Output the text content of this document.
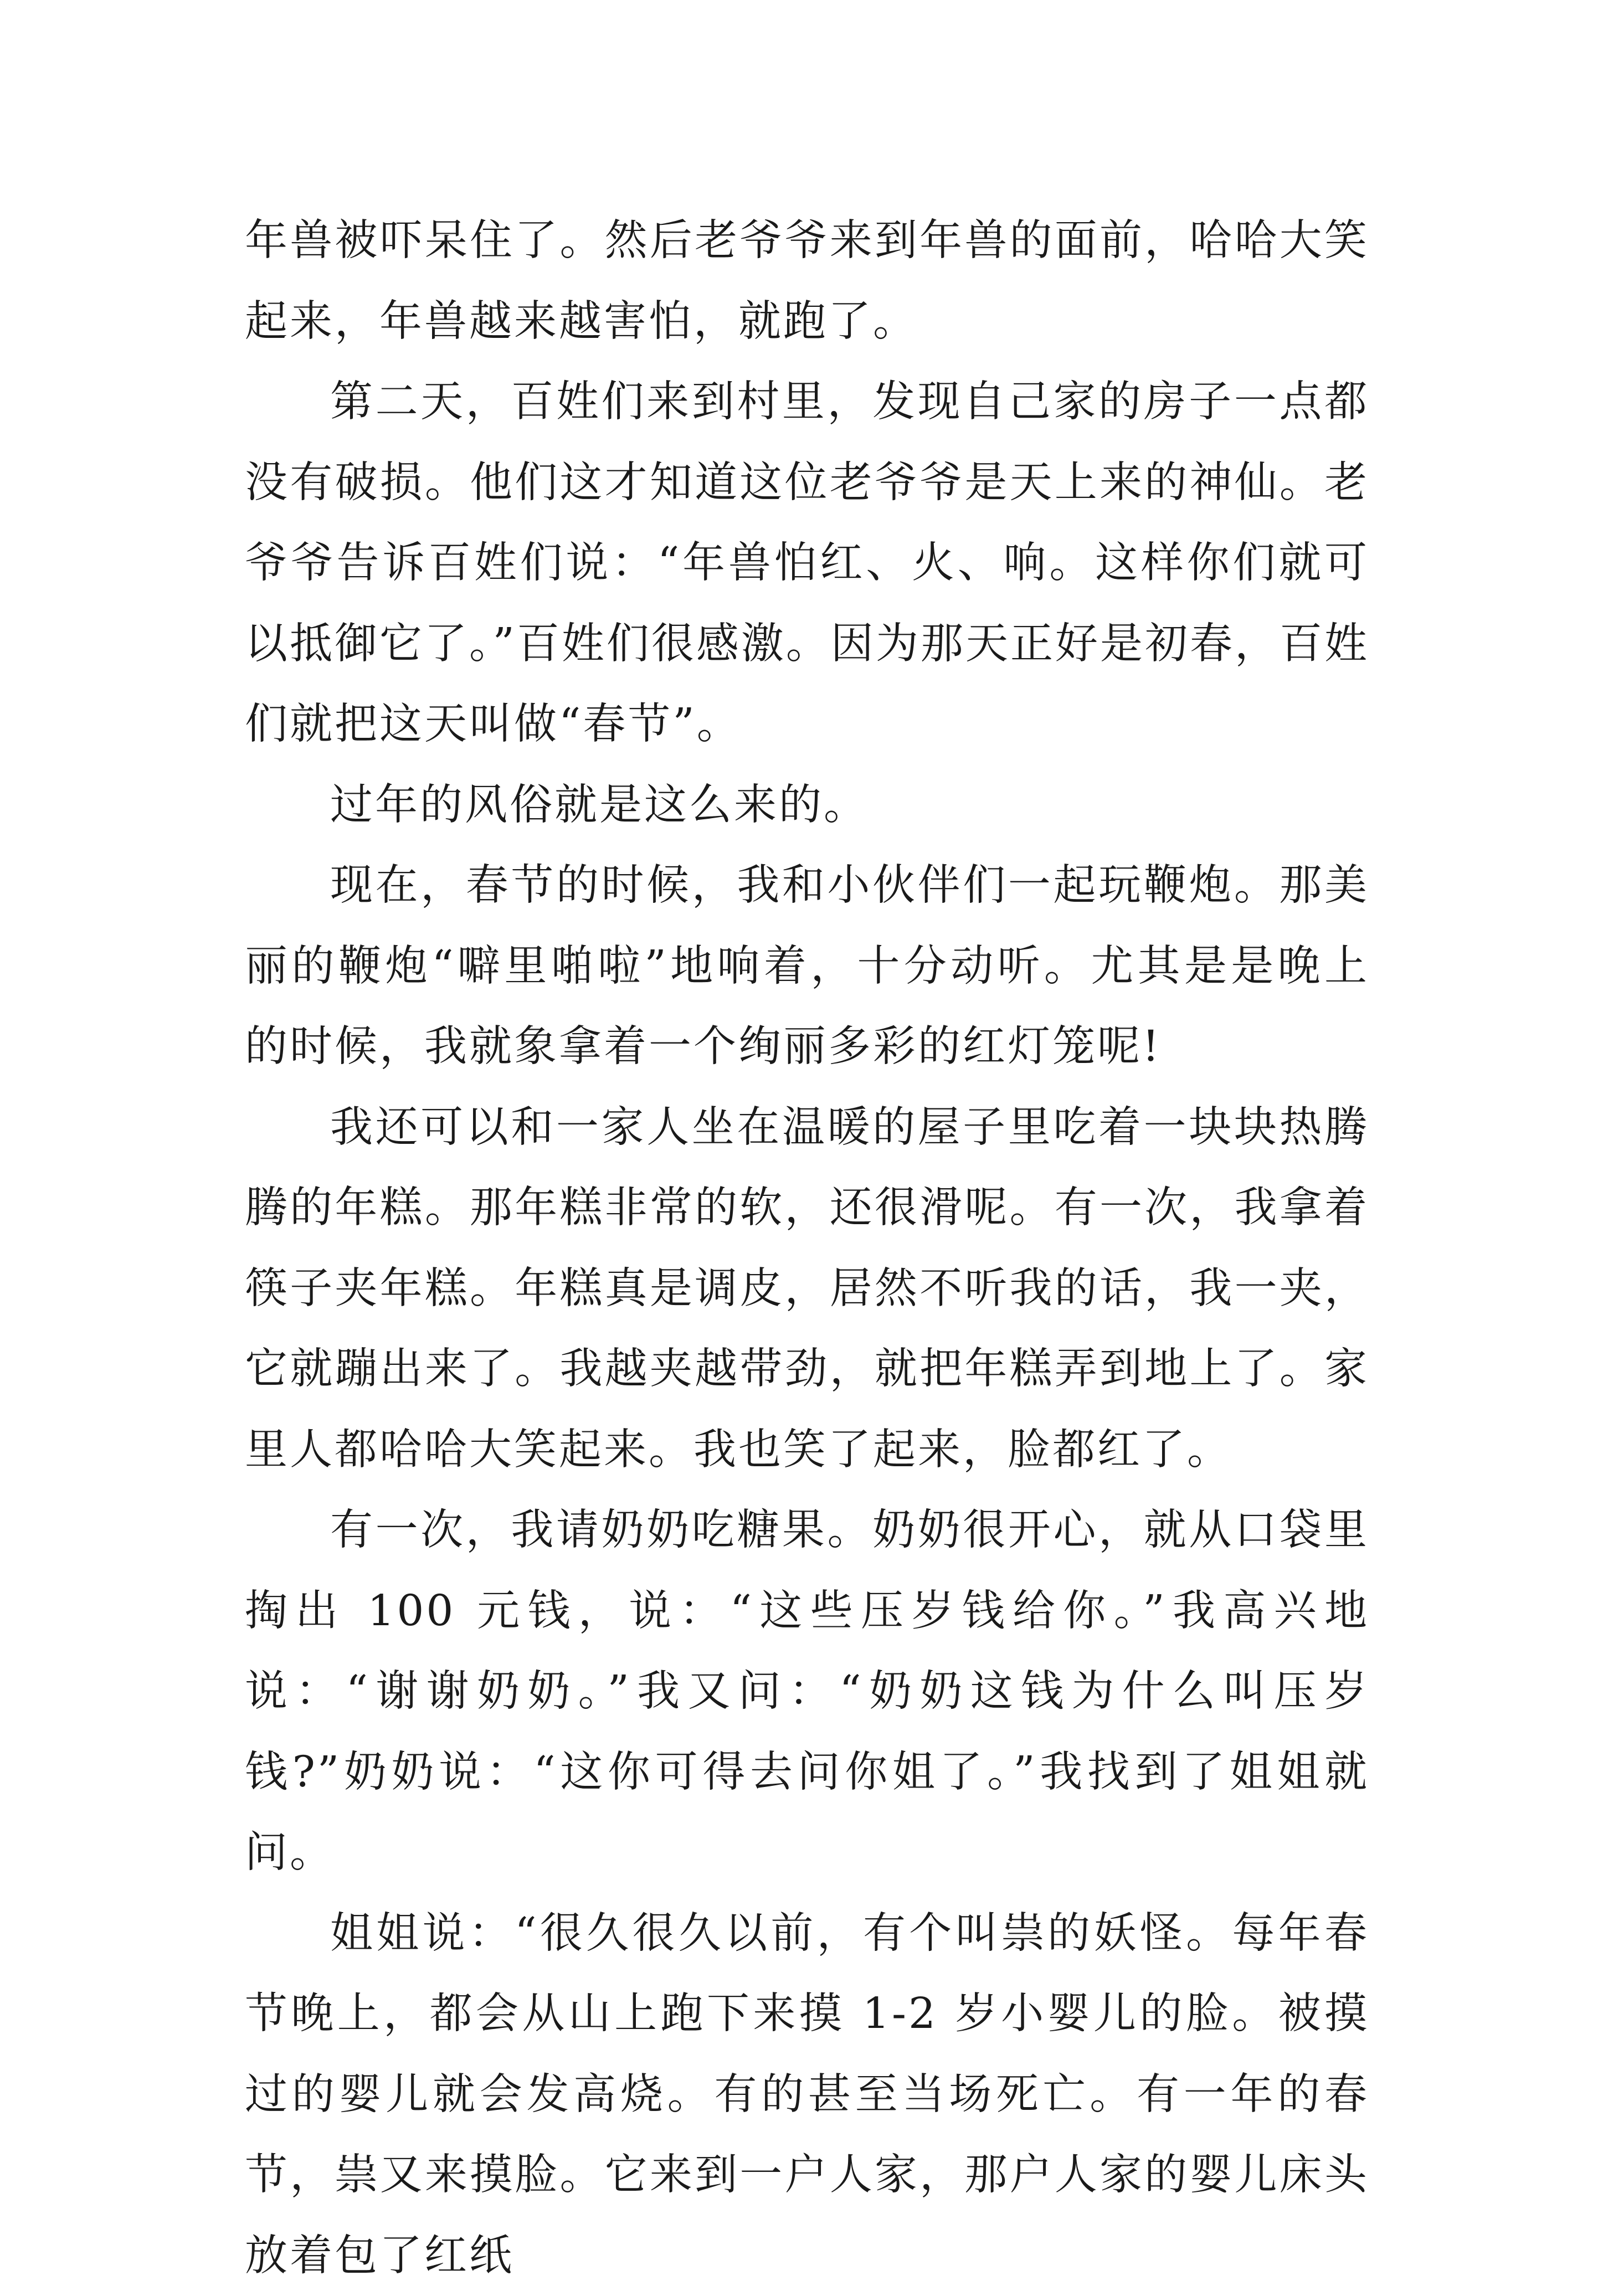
年兽被吓呆住了。然后老爷爷来到年兽的面前，哈哈大笑起来，年兽越来越害怕，就跑了。

第二天，百姓们来到村里，发现自己家的房子一点都没有破损。他们这才知道这位老爷爷是天上来的神仙。老爷爷告诉百姓们说：“年兽怕红、火、响。这样你们就可以抵御它了。”百姓们很感激。因为那天正好是初春，百姓们就把这天叫做“春节”。

过年的风俗就是这么来的。

现在，春节的时候，我和小伙伴们一起玩鞭炮。那美丽的鞭炮“噼里啪啦”地响着，十分动听。尤其是是晚上的时候，我就象拿着一个绚丽多彩的红灯笼呢!

我还可以和一家人坐在温暖的屋子里吃着一块块热腾腾的年糕。那年糕非常的软，还很滑呢。有一次，我拿着筷子夹年糕。年糕真是调皮，居然不听我的话，我一夹，它就蹦出来了。我越夹越带劲，就把年糕弄到地上了。家里人都哈哈大笑起来。我也笑了起来，脸都红了。

有一次，我请奶奶吃糖果。奶奶很开心，就从口袋里掏出 100 元钱，说：“这些压岁钱给你。”我高兴地说：“谢谢奶奶。”我又问：“奶奶这钱为什么叫压岁钱?”奶奶说：“这你可得去问你姐了。”我找到了姐姐就问。

姐姐说：“很久很久以前，有个叫祟的妖怪。每年春节晚上，都会从山上跑下来摸 1-2 岁小婴儿的脸。被摸过的婴儿就会发高烧。有的甚至当场死亡。有一年的春节，祟又来摸脸。它来到一户人家，那户人家的婴儿床头放着包了红纸
